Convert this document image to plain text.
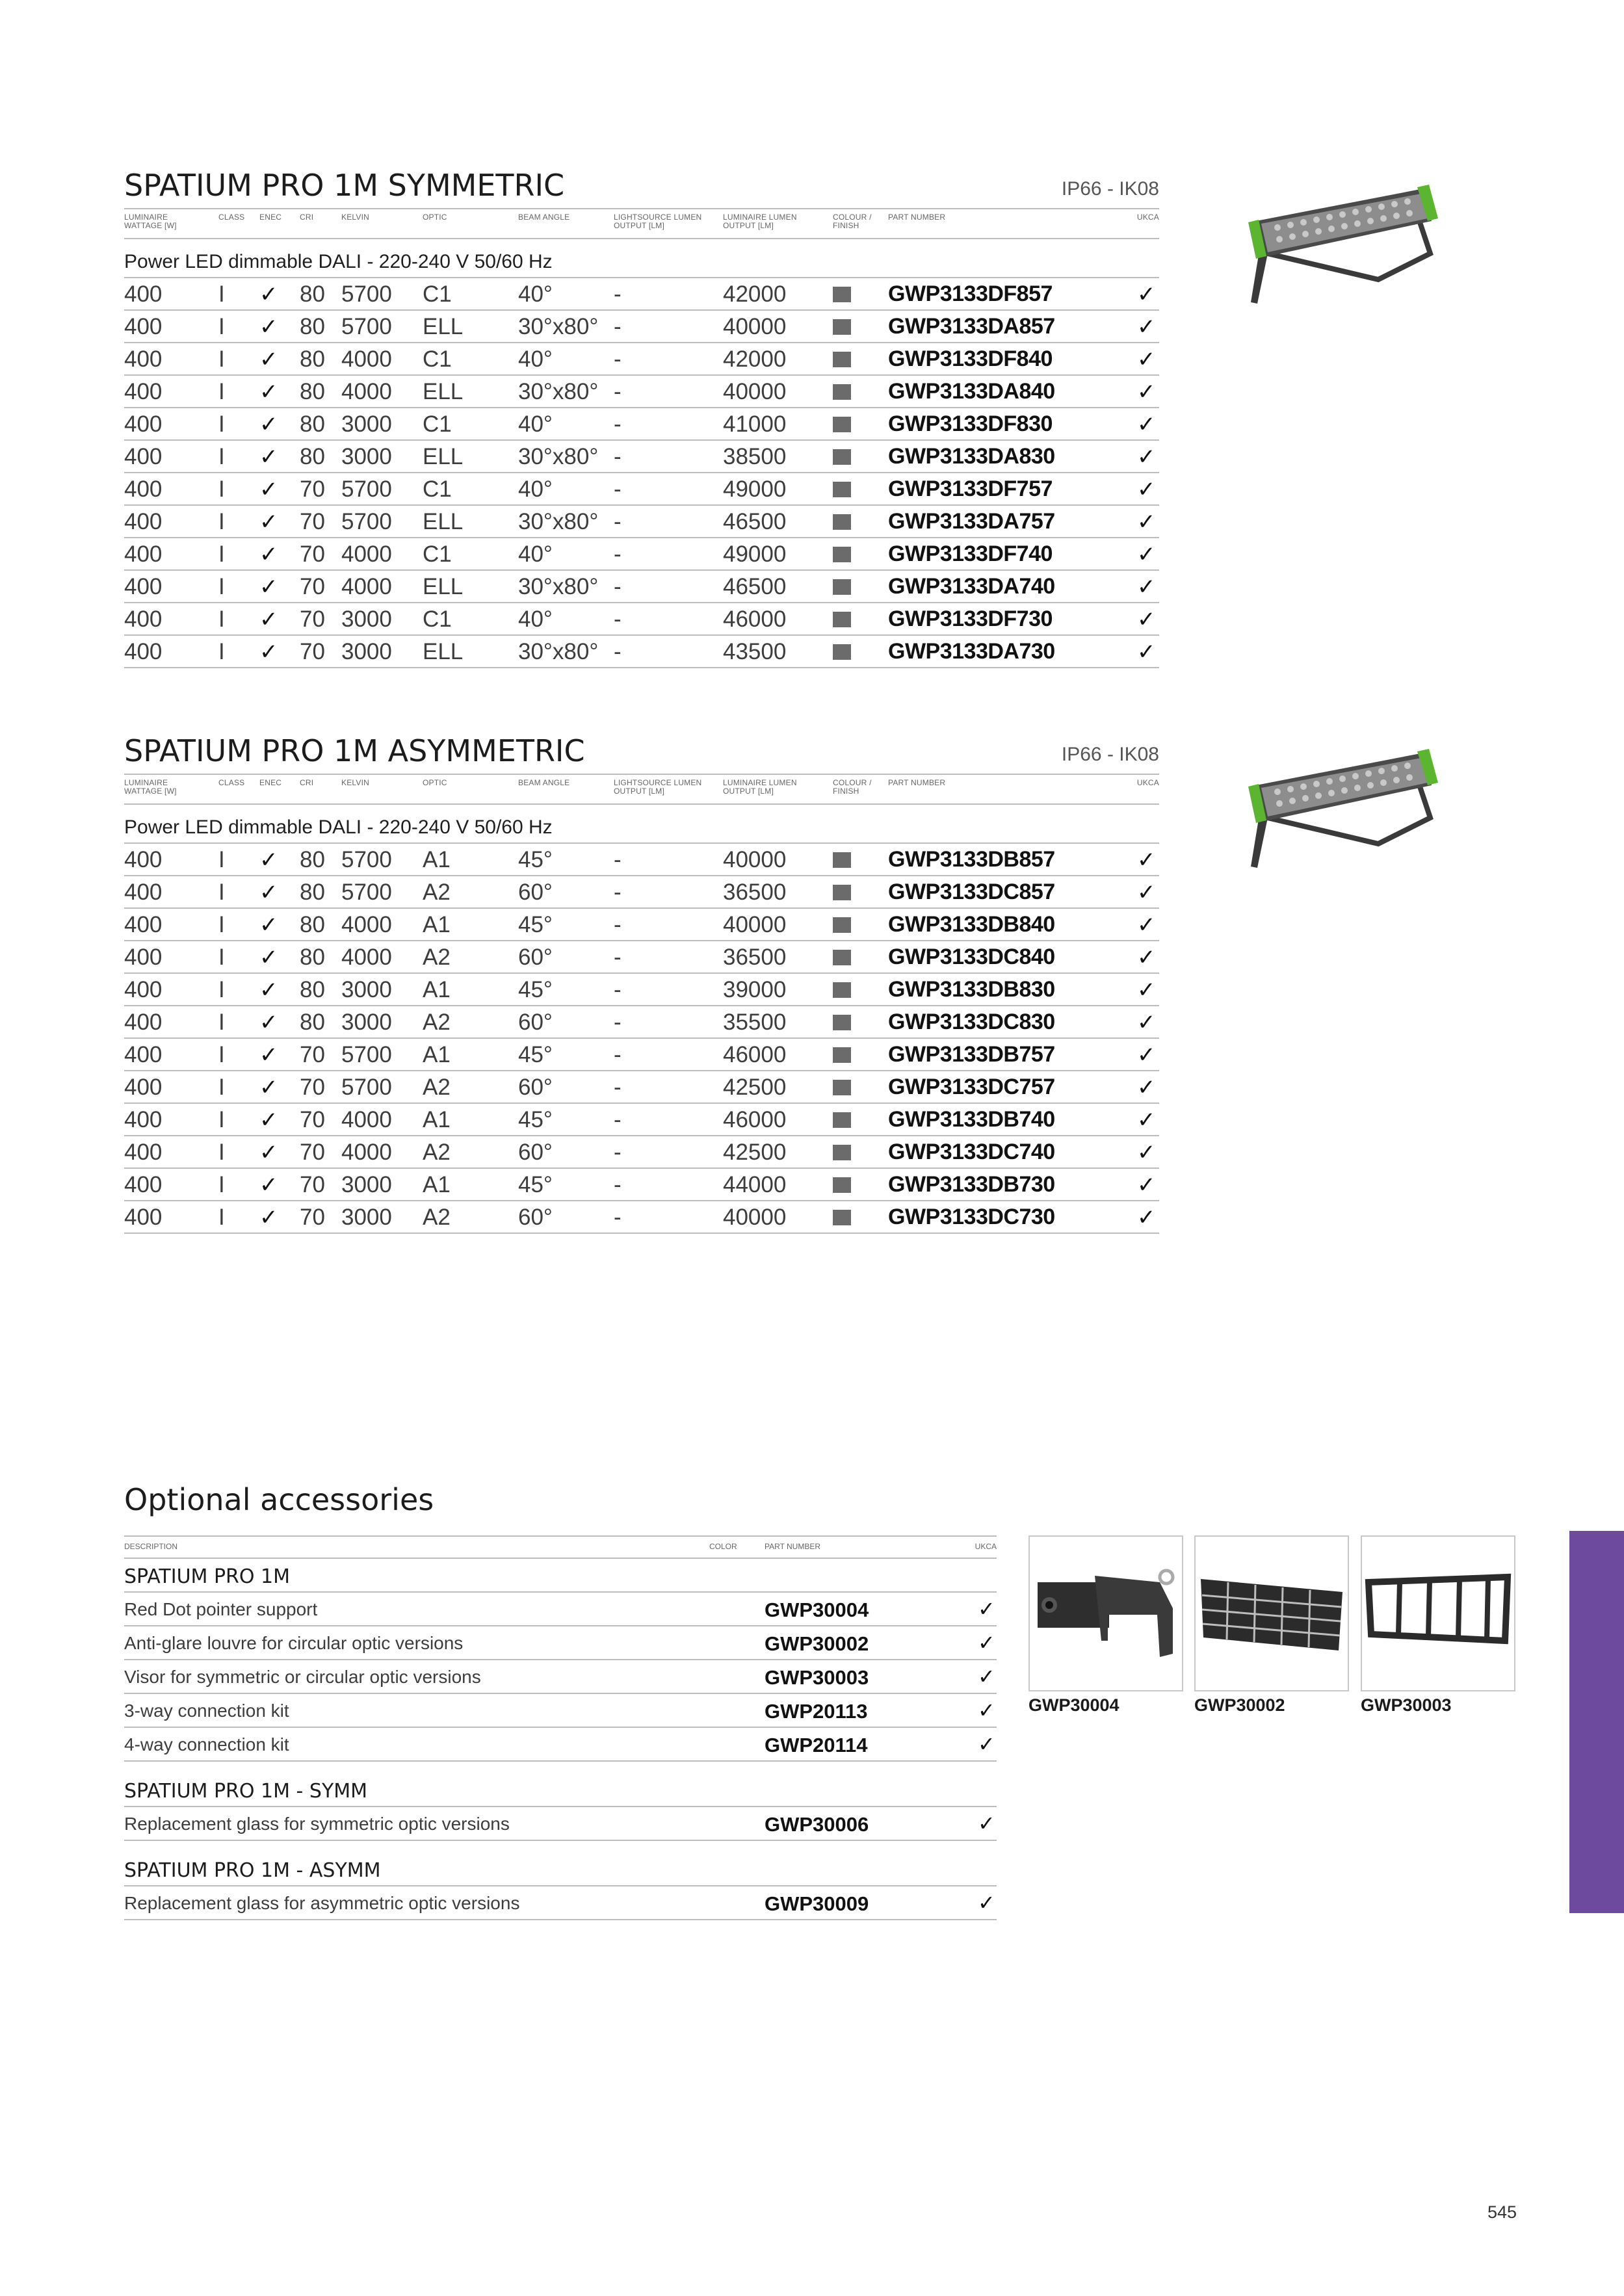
SPATIUM PRO 1M SYMMETRIC	IP66 - IK08
LUMINAIRE WATTAGE [W]
CLASS ENEC CRI	KELVIN	OPTIC	BEAM ANGLE	LIGHTSOURCE LUMEN OUTPUT [LM]
LUMINAIRE LUMEN OUTPUT [LM]
COLOUR / FINISH
PART NUMBER	UKCA
Power LED dimmable DALI - 220-240 V 50/60 Hz
400 I ✓ 80 5700 C1	40°	-	42000	GWP3133DF857	✓
400 I ✓ 80 5700 ELL 30°x80° -	40000	GWP3133DA857	✓
400 I ✓ 80 4000 C1	40°	-	42000	GWP3133DF840	✓
400 I ✓ 80 4000 ELL 30°x80° -	40000	GWP3133DA840	✓
400 I ✓ 80 3000 C1	40°	-	41000	GWP3133DF830	✓
400 I ✓ 80 3000 ELL 30°x80° -	38500	GWP3133DA830	✓
400 I ✓ 70 5700 C1	40°	-	49000	GWP3133DF757	✓
400 I ✓ 70 5700 ELL 30°x80° -	46500	GWP3133DA757	✓
400 I ✓ 70 4000 C1	40°	-	49000	GWP3133DF740	✓
400 I ✓ 70 4000 ELL 30°x80° -	46500	GWP3133DA740	✓
400 I ✓ 70 3000 C1	40°	-	46000	GWP3133DF730	✓
400 I ✓ 70 3000 ELL 30°x80° -	43500	GWP3133DA730	✓
SPATIUM PRO 1M ASYMMETRIC	IP66 - IK08
LUMINAIRE WATTAGE [W]
CLASS ENEC CRI	KELVIN	OPTIC	BEAM ANGLE	LIGHTSOURCE LUMEN OUTPUT [LM]
LUMINAIRE LUMEN OUTPUT [LM]
COLOUR / FINISH
PART NUMBER	UKCA
Power LED dimmable DALI - 220-240 V 50/60 Hz
400 I ✓ 80 5700 A1	45°	-	40000	GWP3133DB857	✓
400 I ✓ 80 5700 A2	60°	-	36500	GWP3133DC857	✓
400 I ✓ 80 4000 A1	45°	-	40000	GWP3133DB840	✓
400 I ✓ 80 4000 A2	60°	-	36500	GWP3133DC840	✓
400 I ✓ 80 3000 A1	45°	-	39000	GWP3133DB830	✓
400 I ✓ 80 3000 A2	60°	-	35500	GWP3133DC830	✓
400 I ✓ 70 5700 A1	45°	-	46000	GWP3133DB757	✓
400 I ✓ 70 5700 A2	60°	-	42500	GWP3133DC757	✓
400 I ✓ 70 4000 A1	45°	-	46000	GWP3133DB740	✓
400 I ✓ 70 4000 A2	60°	-	42500	GWP3133DC740	✓
400 I ✓ 70 3000 A1	45°	-	44000	GWP3133DB730	✓
400 I ✓ 70 3000 A2	60°	-	40000	GWP3133DC730	✓
Optional accessories
DESCRIPTION	COLOR	PART NUMBER	UKCA
SPATIUM PRO 1M
Red Dot pointer support	GWP30004	✓
Anti-glare louvre for circular optic versions	GWP30002	✓
Visor for symmetric or circular optic versions	GWP30003	✓
3-way connection kit	GWP20113	✓
4-way connection kit	GWP20114	✓
SPATIUM PRO 1M - SYMM
Replacement glass for symmetric optic versions	GWP30006	✓
SPATIUM PRO 1M - ASYMM
Replacement glass for asymmetric optic versions	GWP30009	✓
GWP30004	GWP30002	GWP30003
545
